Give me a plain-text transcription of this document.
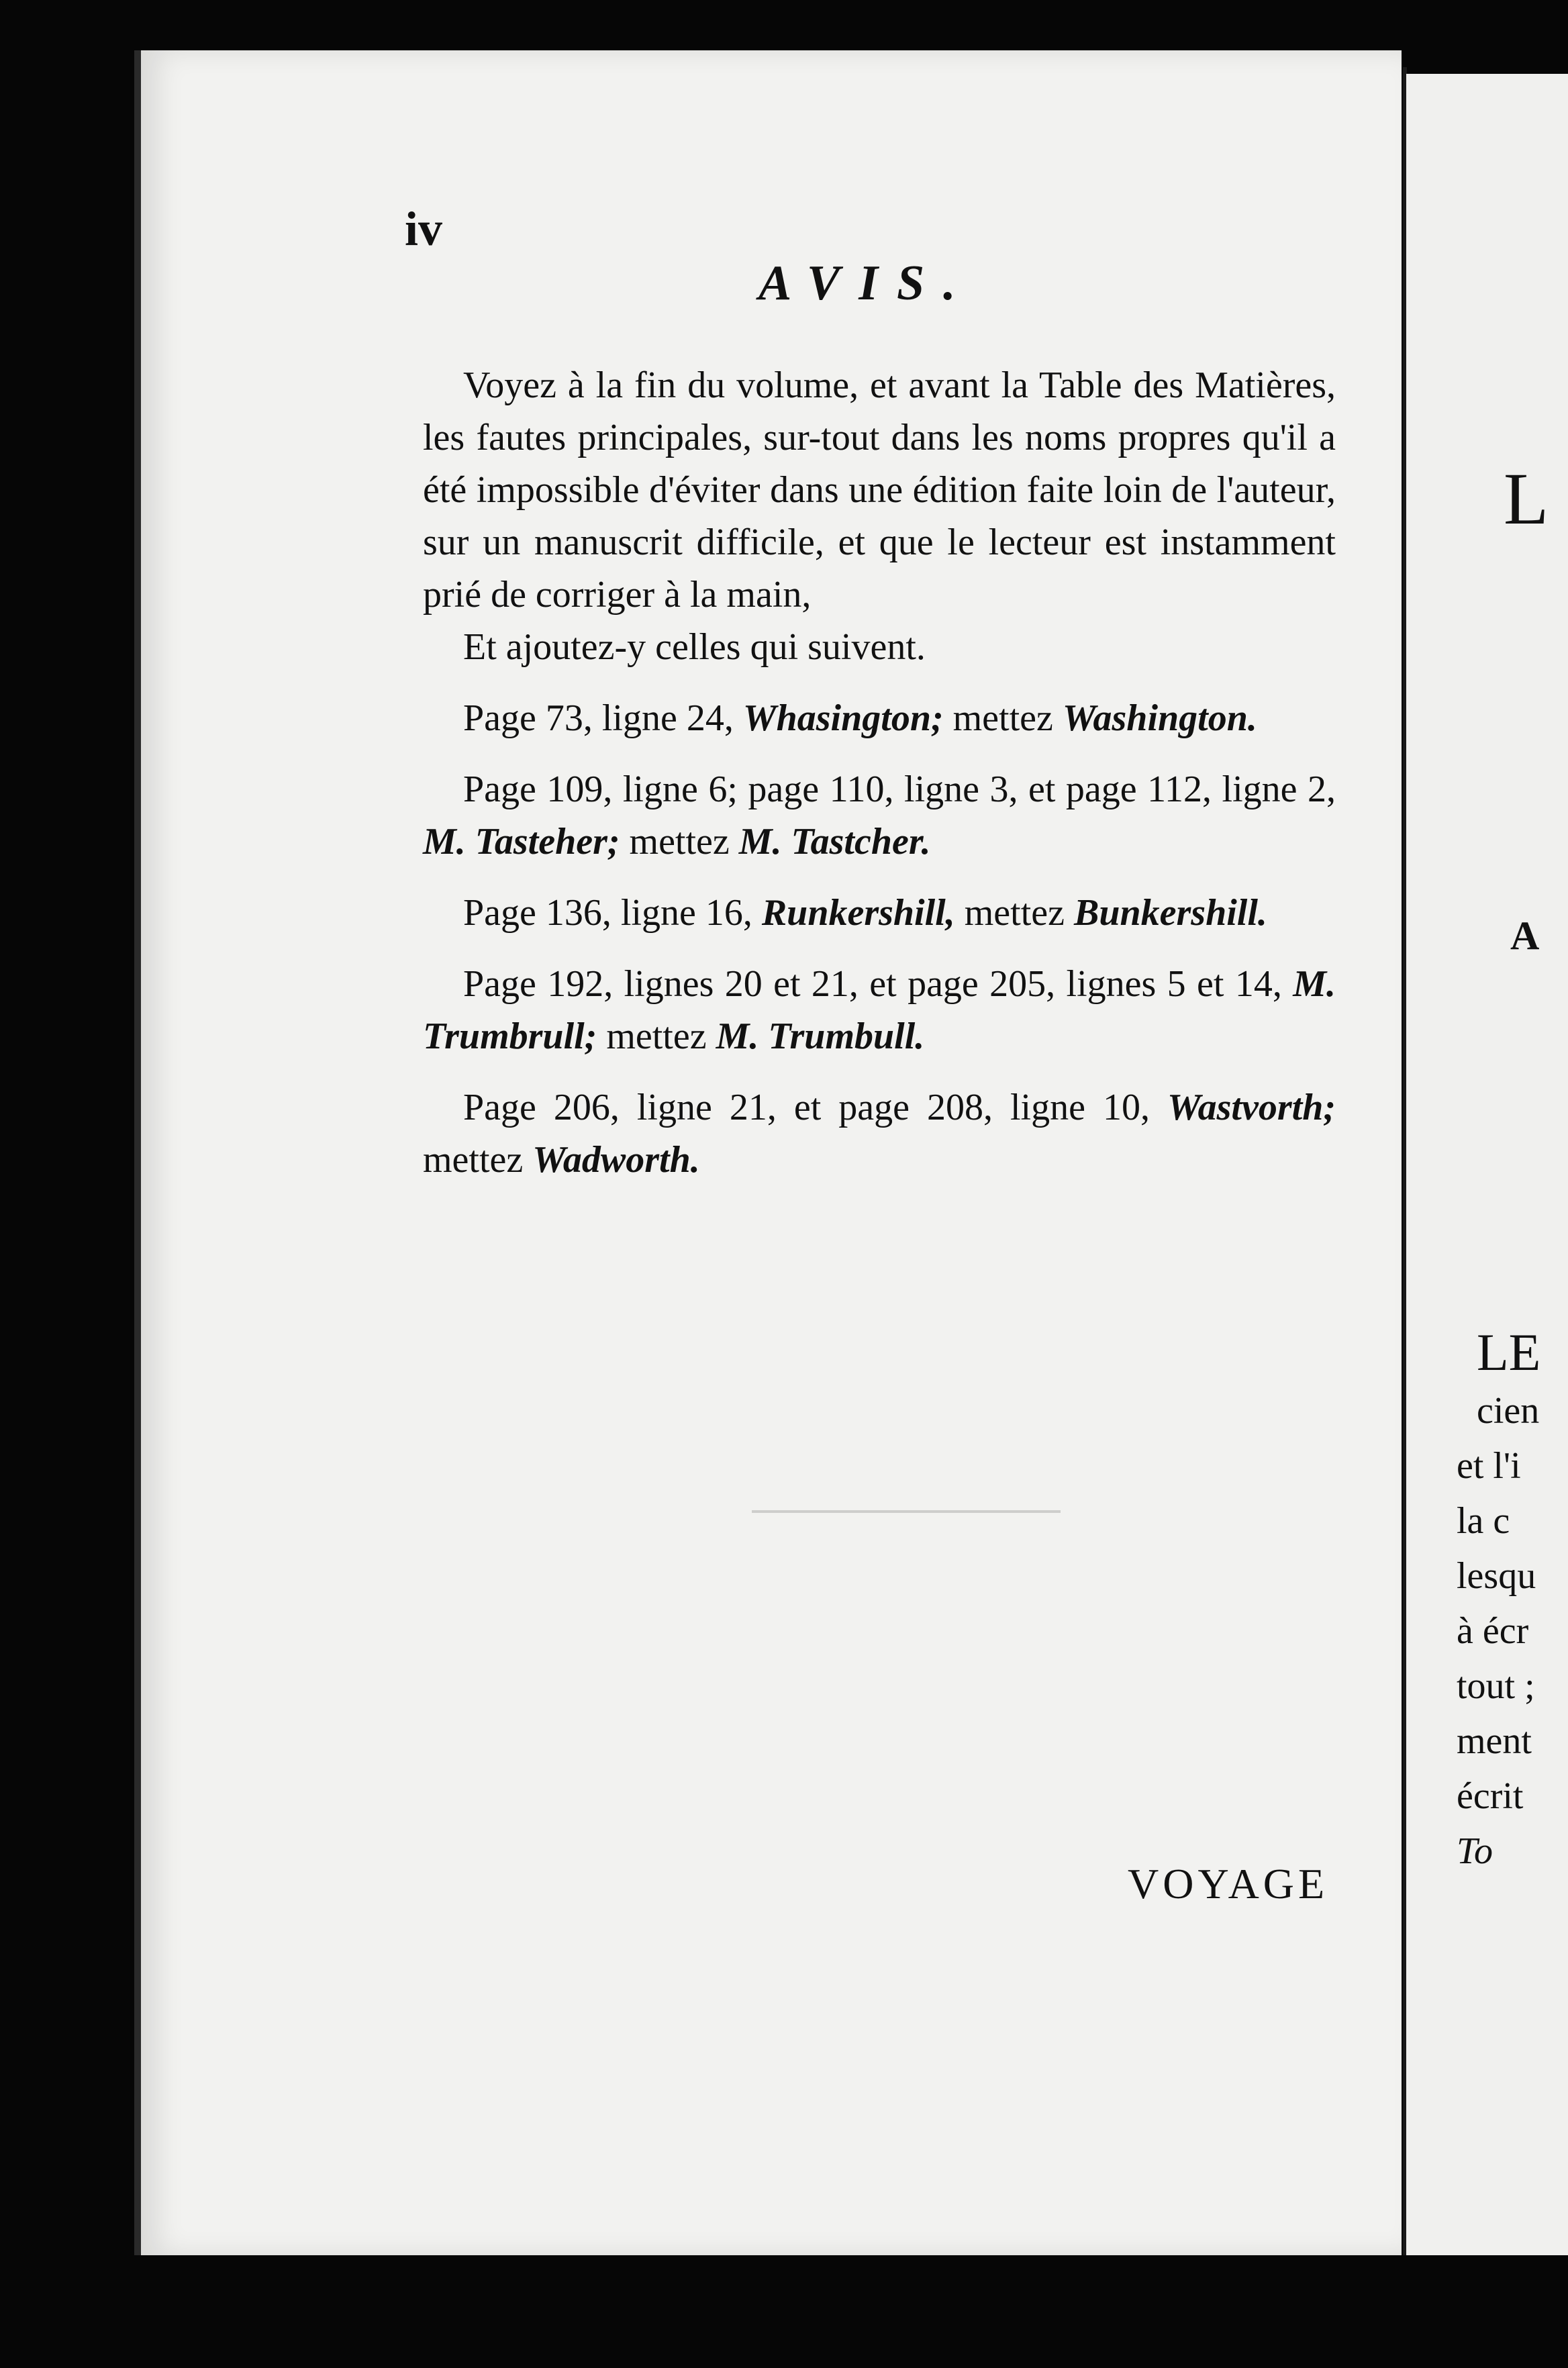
iv
AVIS.

Voyez à la fin du volume, et avant la Table des Matières, les fautes principales, sur-tout dans les noms propres qu'il a été impossible d'éviter dans une édition faite loin de l'auteur, sur un manuscrit difficile, et que le lecteur est instamment prié de corriger à la main,

Et ajoutez-y celles qui suivent.

Page 73, ligne 24, Whasington; mettez Washington.

Page 109, ligne 6; page 110, ligne 3, et page 112, ligne 2, M. Tasteher; mettez M. Tastcher.

Page 136, ligne 16, Runkershill, mettez Bunkershill.

Page 192, lignes 20 et 21, et page 205, lignes 5 et 14, M. Trumbrull; mettez M. Trumbull.

Page 206, ligne 21, et page 208, ligne 10, Wastvorth; mettez Wadworth.

VOYAGE
L
A
LE
cien
et l'i
la c
lesqu
à écr
tout ;
ment
écrit
To
